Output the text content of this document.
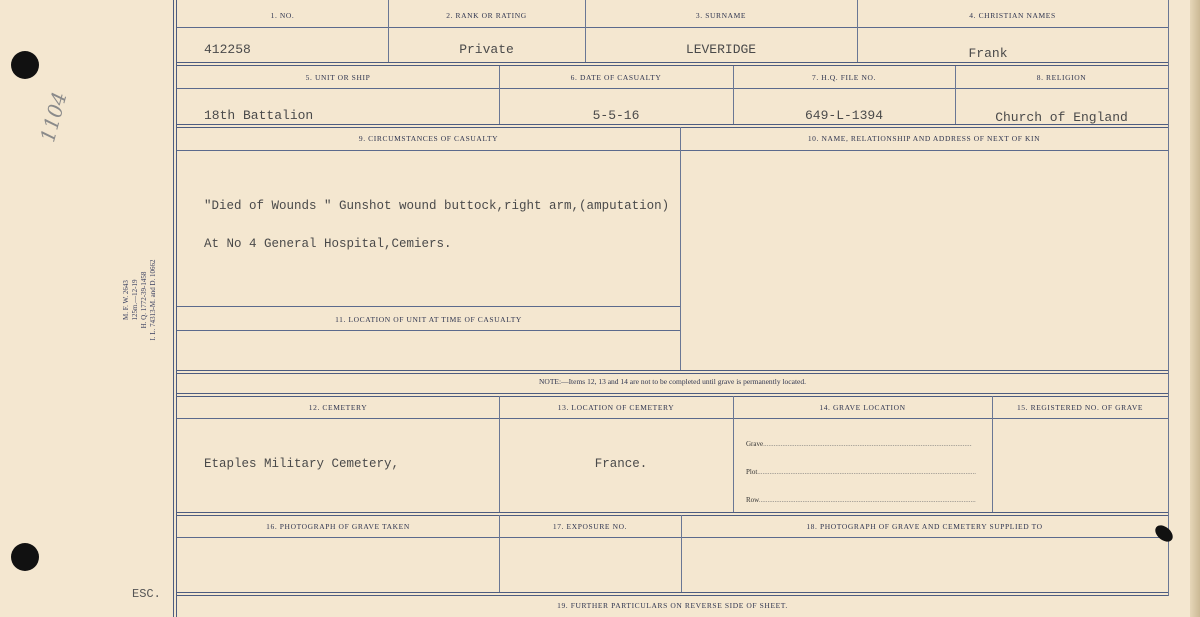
1104
M. F. W. 2643 125m.—12-19 H. Q. 1772-39-1458 I. L. 74313-M. and D. 10662
ESC.
1. NO.	2. RANK OR RATING	3. SURNAME	4. CHRISTIAN NAMES
412258	Private	LEVERIDGE	Frank
5. UNIT OR SHIP	6. DATE OF CASUALTY	7. H.Q. FILE NO.	8. RELIGION
18th Battalion	5-5-16	649-L-1394	Church of England
9. CIRCUMSTANCES OF CASUALTY	10. NAME, RELATIONSHIP AND ADDRESS OF NEXT OF KIN
"Died of Wounds " Gunshot wound buttock,right arm,(amputation)
At No 4 General Hospital,Cemiers.
11. LOCATION OF UNIT AT TIME OF CASUALTY
NOTE:—Items 12, 13 and 14 are not to be completed until grave is permanently located.
12. CEMETERY	13. LOCATION OF CEMETERY	14. GRAVE LOCATION	15. REGISTERED NO. OF GRAVE
Etaples Military Cemetery,	France.
Grave .....
Plot .....
Row .....
16. PHOTOGRAPH OF GRAVE TAKEN	17. EXPOSURE NO.	18. PHOTOGRAPH OF GRAVE AND CEMETERY SUPPLIED TO
19. FURTHER PARTICULARS ON REVERSE SIDE OF SHEET.
